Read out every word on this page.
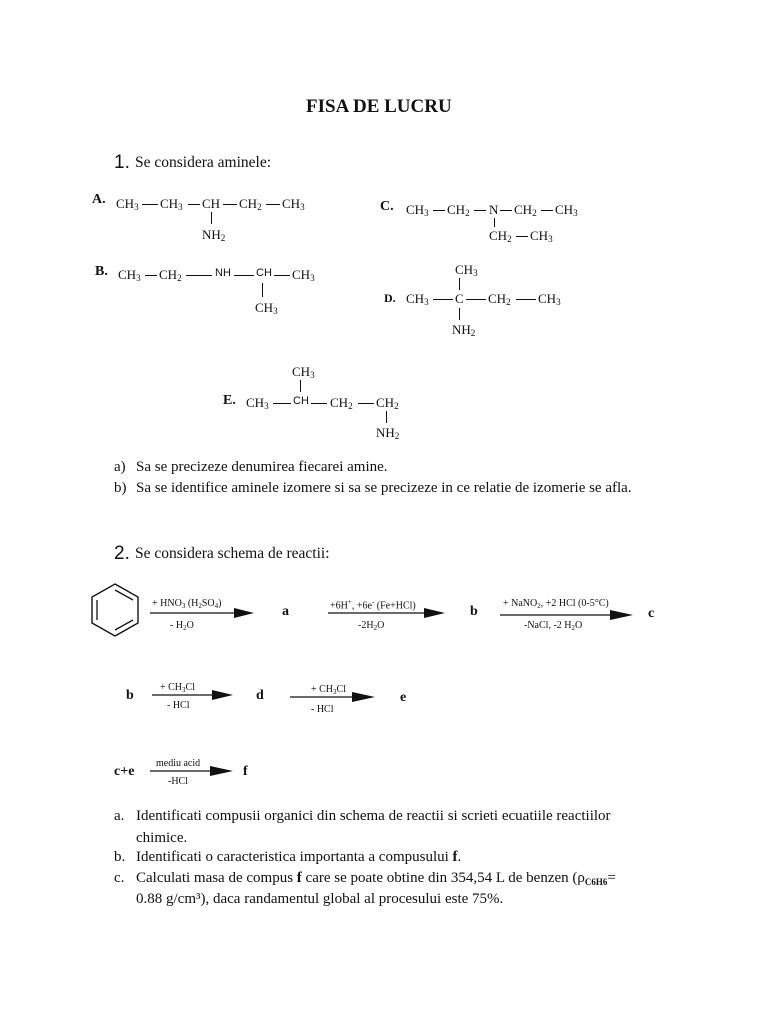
FISA DE LUCRU
1. Se considera aminele:
A. $CH_3$ $CH_3$ CH $CH_2$ $CH_3$
$NH_2$
C. $CH_3$ $CH_2$ N $CH_2$ $CH_3$
$CH_2$ $CH_3$
B. $CH_3$ $CH_2$	NH CH $CH_3$
$CH_3$
$CH_3$
D. $CH_3$ C $CH_2$ $CH_3$
$NH_2$
$CH_3$
E. $CH_3$ CH $CH_2$ $CH_2$
$NH_2$
a) Sa se precizeze denumirea fiecarei amine.
b) Sa se identifice aminele izomere si sa se precizeze in ce relatie de izomerie se afla.
2. Se considera schema de reactii:
+ $HNO_3$ $(H_2SO_4)$
- $H_2O$
a	+6H+, +6e- (Fe+HCl)
$-2H_2O$
b
+ NaNO$_2$, +2 HCl (0-5°C)
-NaCl, -2 $H_2O$
c
b
+ $CH_3Cl$
- HCl
d	+ $CH_3Cl$
- HCl
e
c+e
mediu acid
-HCl
f
a. Identificati compusii organici din schema de reactii si scrieti ecuatiile reactiilor
chimice.
b. Identificati o caracteristica importanta a compusului f.
c. Calculati masa de compus f care se poate obtine din 354,54 L de benzen ($\rho_{C6H6}=$
0.88 g/cm³), daca randamentul global al procesului este 75%.
